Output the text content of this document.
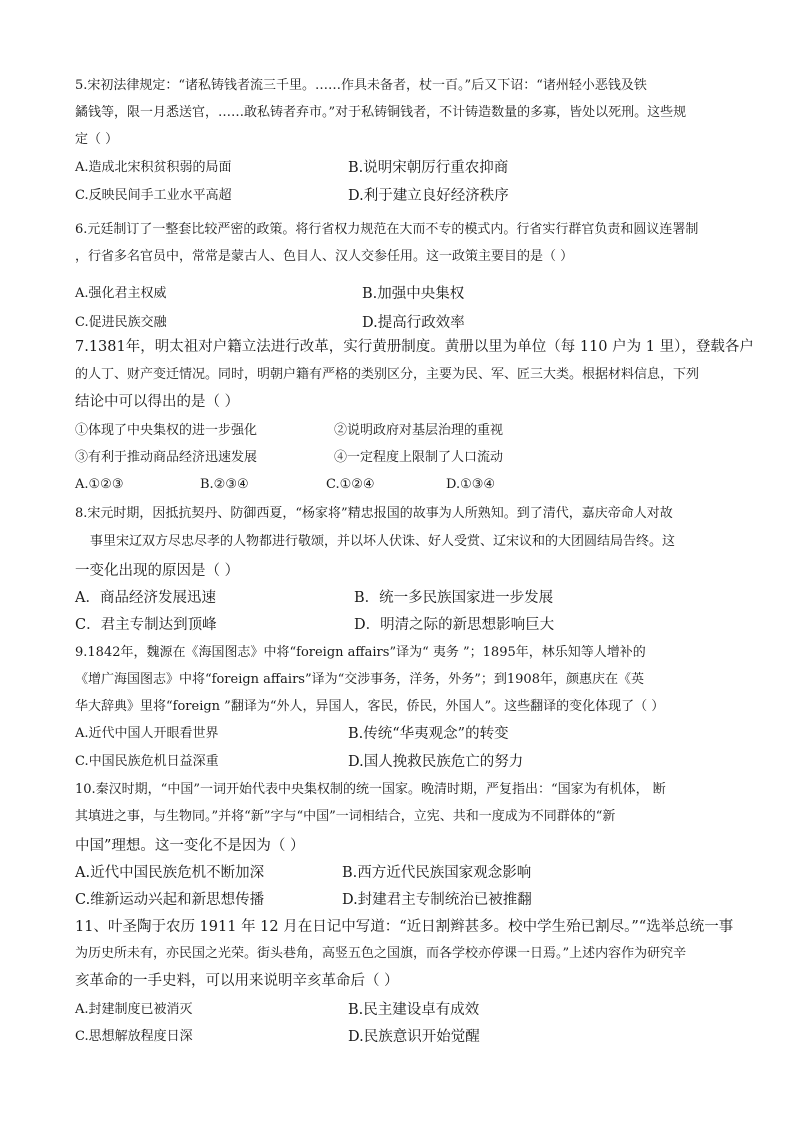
5.宋初法律规定：“诸私铸钱者流三千里。……作具未备者，杖一百。”后又下诏：“诸州轻小恶钱及铁
鐍钱等，限一月悉送官，……敢私铸者弃市。”对于私铸铜钱者，不计铸造数量的多寡，皆处以死刑。这些规
定（ ）
A.造成北宋积贫积弱的局面	B.说明宋朝厉行重农抑商
C.反映民间手工业水平高超	D.利于建立良好经济秩序
6.元廷制订了一整套比较严密的政策。将行省权力规范在大而不专的模式内。行省实行群官负责和圆议连署制
，行省多名官员中，常常是蒙古人、色目人、汉人交参任用。这一政策主要目的是（ ）
A.强化君主权威	B.加强中央集权
C.促进民族交融	D.提高行政效率
7.1381年，明太祖对户籍立法进行改革，实行黄册制度。黄册以里为单位（每 110 户为 1 里），登载各户
的人丁、财产变迁情况。同时，明朝户籍有严格的类别区分，主要为民、军、匠三大类。根据材料信息，下列
结论中可以得出的是（ ）
①体现了中央集权的进一步强化	②说明政府对基层治理的重视
③有利于推动商品经济迅速发展	④一定程度上限制了人口流动
A.①②③	B.②③④	C.①②④	D.①③④
8.宋元时期，因抵抗契丹、防御西夏，“杨家将”精忠报国的故事为人所熟知。到了清代，嘉庆帝命人对故
事里宋辽双方尽忠尽孝的人物都进行敬颂，并以坏人伏诛、好人受赏、辽宋议和的大团圆结局告终。这
一变化出现的原因是（ ）
A．商品经济发展迅速	B．统一多民族国家进一步发展
C．君主专制达到顶峰	D．明清之际的新思想影响巨大
9.1842年，魏源在《海国图志》中将“foreign affairs”译为“ 夷务 ”；1895年，林乐知等人增补的
《增广海国图志》中将“foreign affairs”译为“交涉事务，洋务，外务”；到1908年，颜惠庆在《英
华大辞典》里将“foreign ”翻译为“外人，异国人，客民，侨民，外国人”。这些翻译的变化体现了（ ）
A.近代中国人开眼看世界	B.传统“华夷观念”的转变
C.中国民族危机日益深重	D.国人挽救民族危亡的努力
10.秦汉时期，“中国”一词开始代表中央集权制的统一国家。晚清时期，严复指出：“国家为有机体， 断
其填进之事，与生物同。”并将“新”字与“中国”一词相结合，立宪、共和一度成为不同群体的“新
中国”理想。这一变化不是因为（ ）
A.近代中国民族危机不断加深	B.西方近代民族国家观念影响
C.维新运动兴起和新思想传播	D.封建君主专制统治已被推翻
11、叶圣陶于农历 1911 年 12 月在日记中写道：“近日割辫甚多。校中学生殆已割尽。”“选举总统一事
为历史所未有，亦民国之光荣。街头巷角，高竖五色之国旗，而各学校亦停课一日焉。”上述内容作为研究辛
亥革命的一手史料，可以用来说明辛亥革命后（ ）
A.封建制度已被消灭	B.民主建设卓有成效
C.思想解放程度日深	D.民族意识开始觉醒
